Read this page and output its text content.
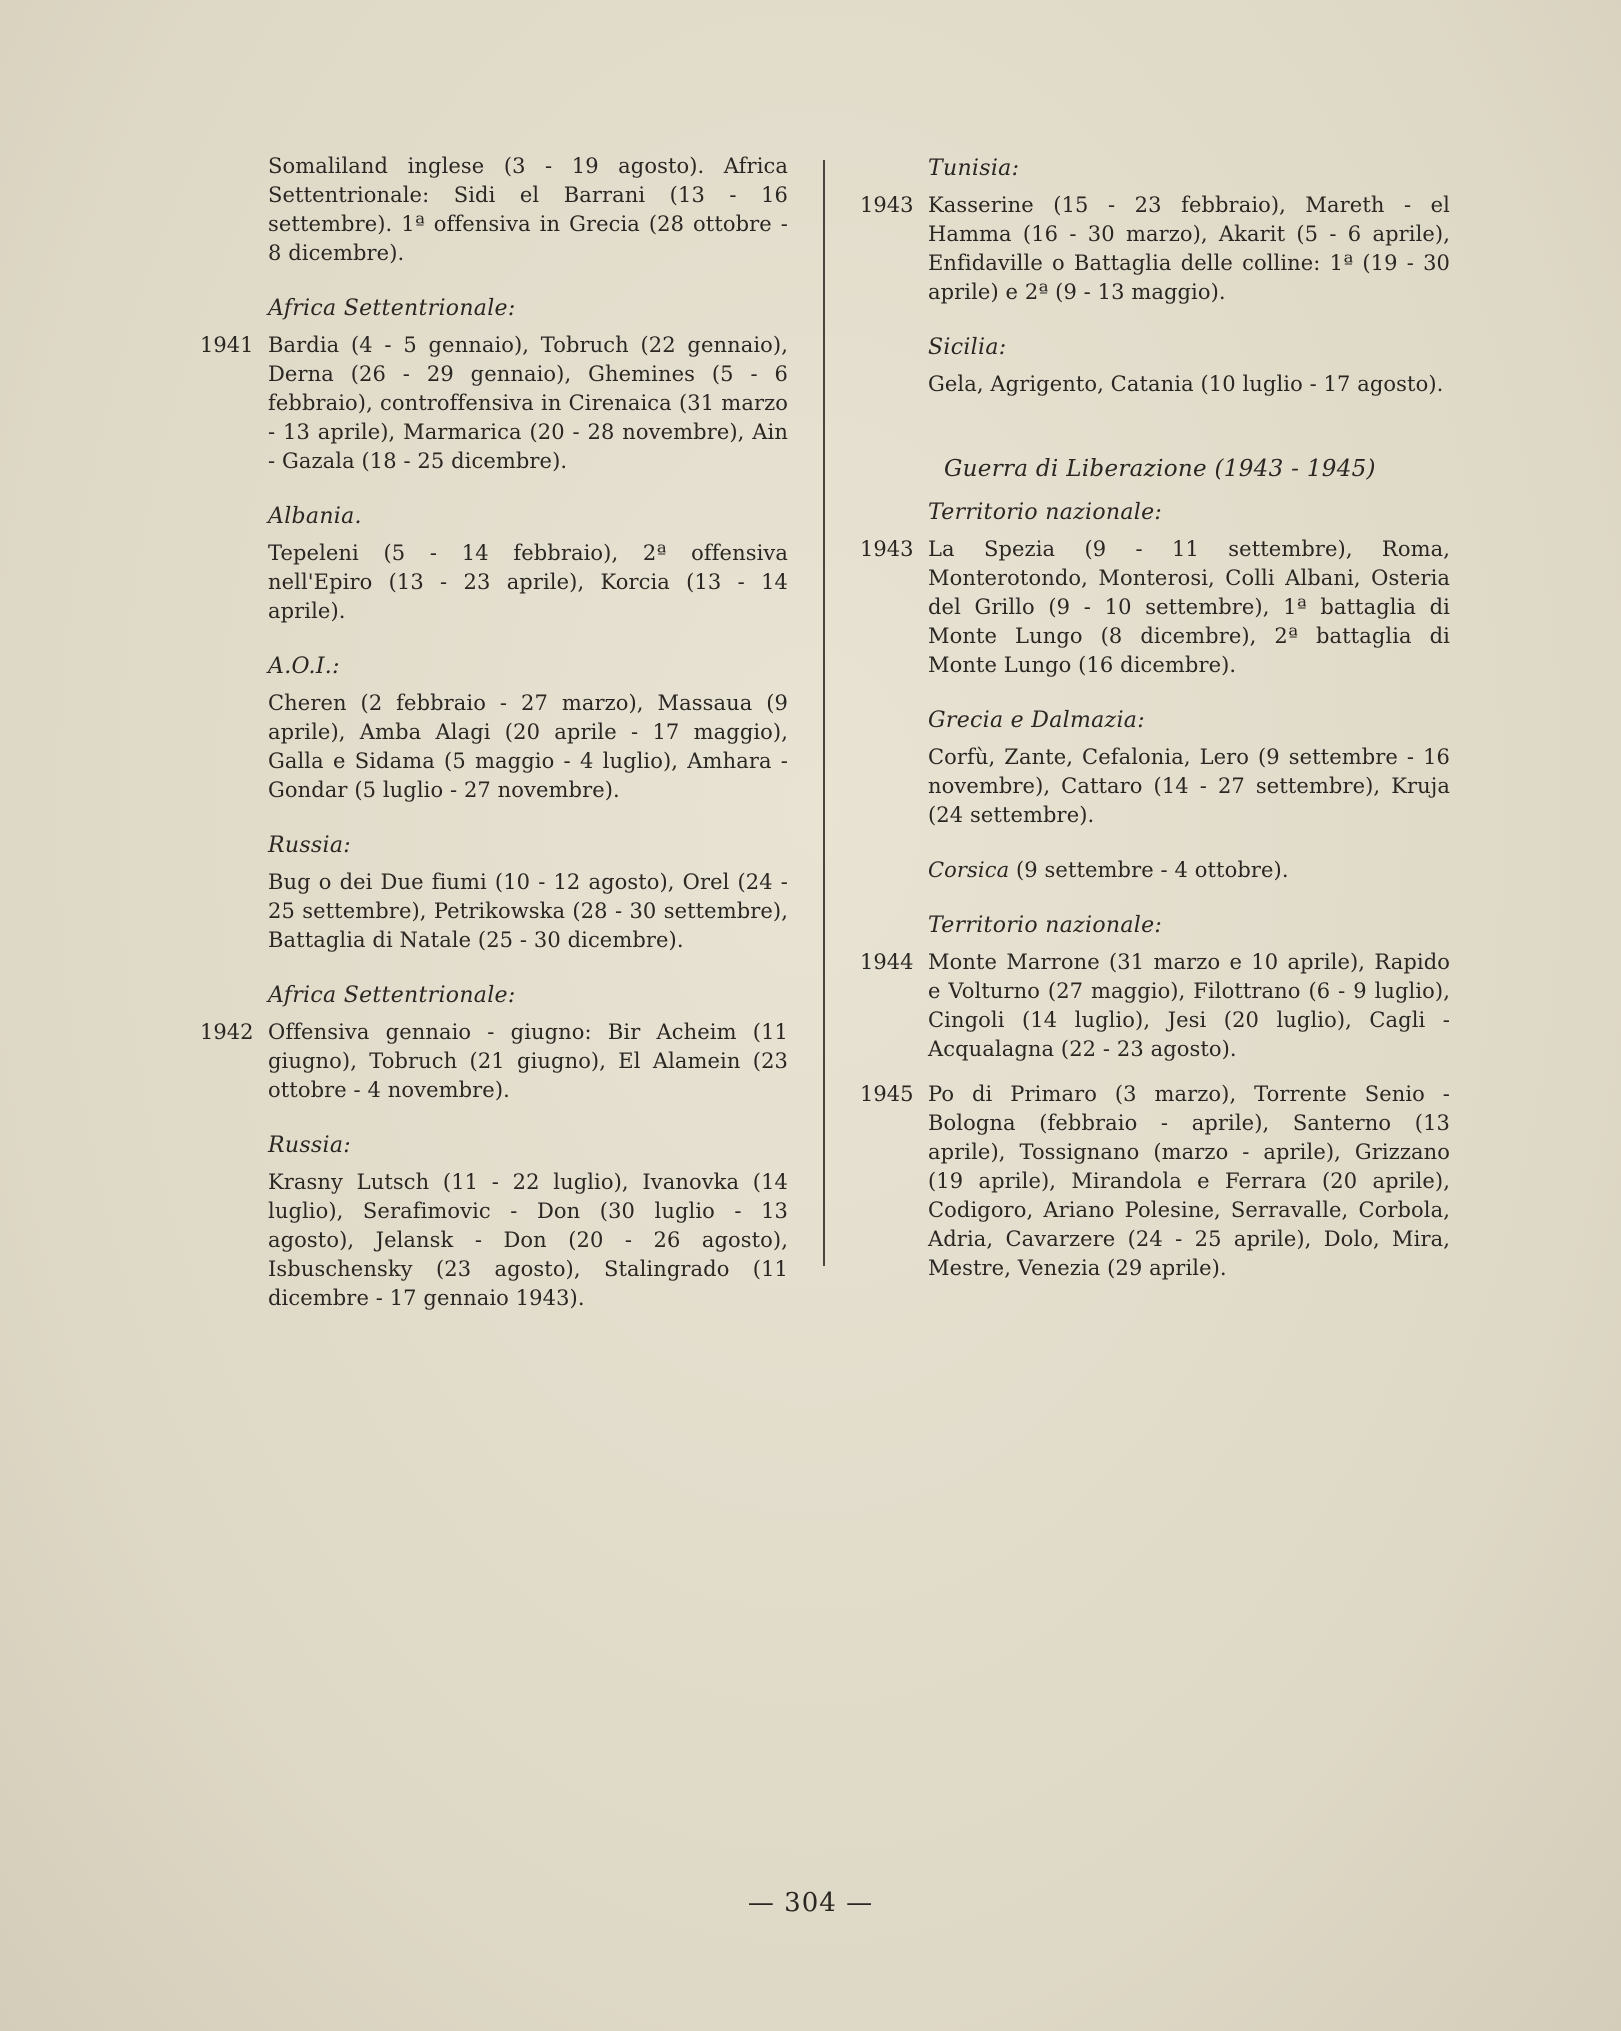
Somaliland inglese (3 - 19 agosto). Africa Settentrionale: Sidi el Barrani (13 - 16 settembre). 1ª offensiva in Grecia (28 ottobre - 8 dicembre).

Africa Settentrionale:

1941 Bardia (4 - 5 gennaio), Tobruch (22 gennaio), Derna (26 - 29 gennaio), Ghemines (5 - 6 febbraio), controffensiva in Cirenaica (31 marzo - 13 aprile), Marmarica (20 - 28 novembre), Ain - Gazala (18 - 25 dicembre).

Albania.

Tepeleni (5 - 14 febbraio), 2ª offensiva nell'Epiro (13 - 23 aprile), Korcia (13 - 14 aprile).

A.O.I.:

Cheren (2 febbraio - 27 marzo), Massaua (9 aprile), Amba Alagi (20 aprile - 17 maggio), Galla e Sidama (5 maggio - 4 luglio), Amhara - Gondar (5 luglio - 27 novembre).

Russia:

Bug o dei Due fiumi (10 - 12 agosto), Orel (24 - 25 settembre), Petrikowska (28 - 30 settembre), Battaglia di Natale (25 - 30 dicembre).

Africa Settentrionale:

1942 Offensiva gennaio - giugno: Bir Acheim (11 giugno), Tobruch (21 giugno), El Alamein (23 ottobre - 4 novembre).

Russia:

Krasny Lutsch (11 - 22 luglio), Ivanovka (14 luglio), Serafimovic - Don (30 luglio - 13 agosto), Jelansk - Don (20 - 26 agosto), Isbuschensky (23 agosto), Stalingrado (11 dicembre - 17 gennaio 1943).

Tunisia:

1943 Kasserine (15 - 23 febbraio), Mareth - el Hamma (16 - 30 marzo), Akarit (5 - 6 aprile), Enfidaville o Battaglia delle colline: 1ª (19 - 30 aprile) e 2ª (9 - 13 maggio).

Sicilia:

Gela, Agrigento, Catania (10 luglio - 17 agosto).

Guerra di Liberazione (1943 - 1945)

Territorio nazionale:

1943 La Spezia (9 - 11 settembre), Roma, Monterotondo, Monterosi, Colli Albani, Osteria del Grillo (9 - 10 settembre), 1ª battaglia di Monte Lungo (8 dicembre), 2ª battaglia di Monte Lungo (16 dicembre).

Grecia e Dalmazia:

Corfù, Zante, Cefalonia, Lero (9 settembre - 16 novembre), Cattaro (14 - 27 settembre), Kruja (24 settembre).

Corsica (9 settembre - 4 ottobre).

Territorio nazionale:

1944 Monte Marrone (31 marzo e 10 aprile), Rapido e Volturno (27 maggio), Filottrano (6 - 9 luglio), Cingoli (14 luglio), Jesi (20 luglio), Cagli - Acqualagna (22 - 23 agosto).

1945 Po di Primaro (3 marzo), Torrente Senio - Bologna (febbraio - aprile), Santerno (13 aprile), Tossignano (marzo - aprile), Grizzano (19 aprile), Mirandola e Ferrara (20 aprile), Codigoro, Ariano Polesine, Serravalle, Corbola, Adria, Cavarzere (24 - 25 aprile), Dolo, Mira, Mestre, Venezia (29 aprile).

— 304 —
